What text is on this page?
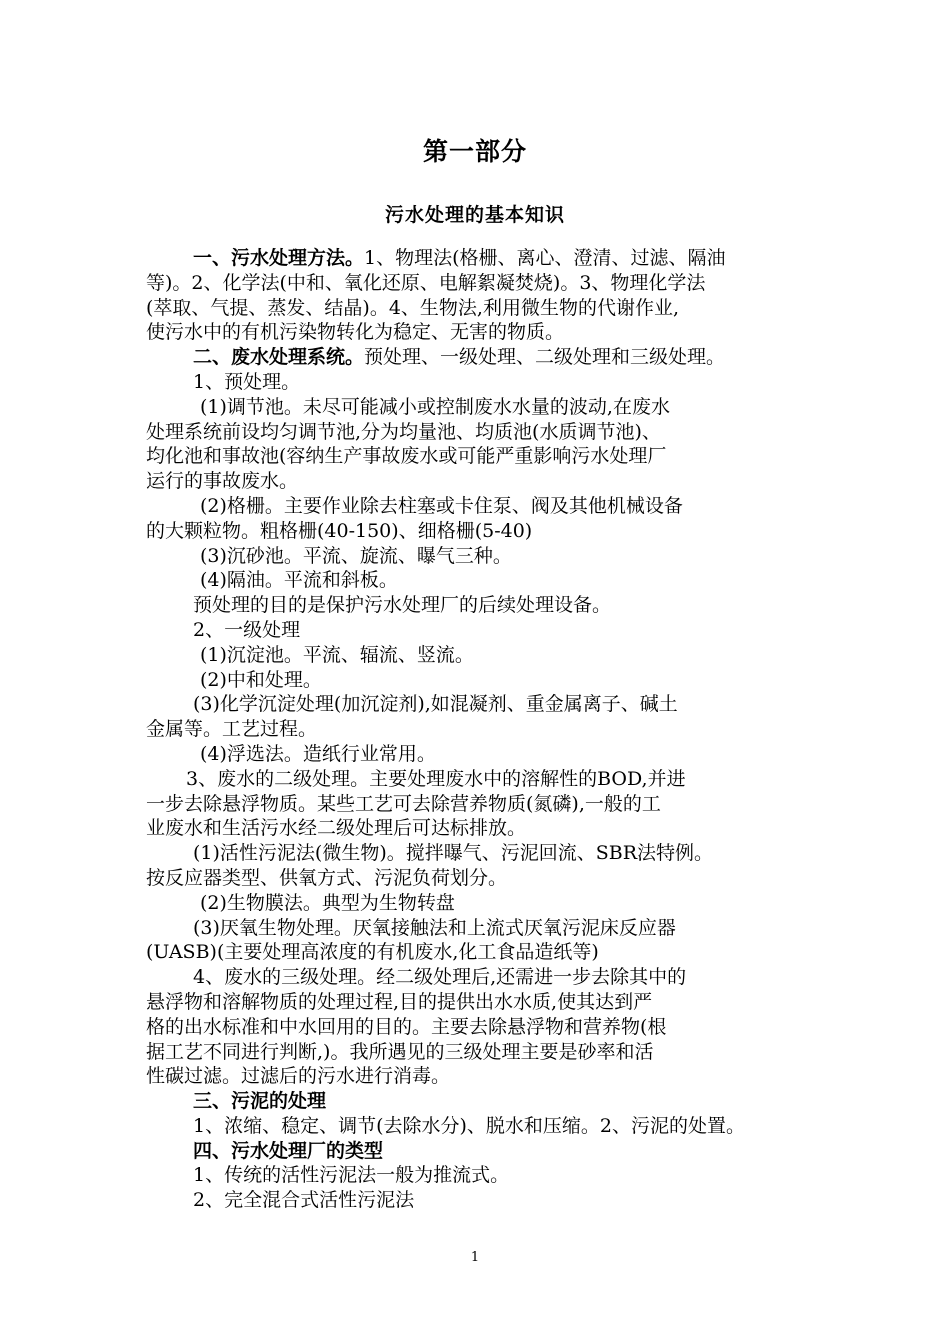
第一部分
污水处理的基本知识

一、污水处理方法。1、物理法(格栅、离心、澄清、过滤、隔油

等)。2、化学法(中和、氧化还原、电解絮凝焚烧)。3、物理化学法

(萃取、气提、蒸发、结晶)。4、生物法,利用微生物的代谢作业,

使污水中的有机污染物转化为稳定、无害的物质。

二、废水处理系统。预处理、一级处理、二级处理和三级处理。

1、预处理。

(1)调节池。未尽可能减小或控制废水水量的波动,在废水

处理系统前设均匀调节池,分为均量池、均质池(水质调节池)、

均化池和事故池(容纳生产事故废水或可能严重影响污水处理厂

运行的事故废水。

(2)格栅。主要作业除去柱塞或卡住泵、阀及其他机械设备

的大颗粒物。粗格栅(40-150)、细格栅(5-40)

(3)沉砂池。平流、旋流、曝气三种。

(4)隔油。平流和斜板。

预处理的目的是保护污水处理厂的后续处理设备。

2、一级处理

(1)沉淀池。平流、辐流、竖流。

(2)中和处理。

(3)化学沉淀处理(加沉淀剂),如混凝剂、重金属离子、碱土

金属等。工艺过程。

(4)浮选法。造纸行业常用。

3、废水的二级处理。主要处理废水中的溶解性的BOD,并进

一步去除悬浮物质。某些工艺可去除营养物质(氮磷),一般的工

业废水和生活污水经二级处理后可达标排放。

(1)活性污泥法(微生物)。搅拌曝气、污泥回流、SBR法特例。

按反应器类型、供氧方式、污泥负荷划分。

(2)生物膜法。典型为生物转盘

(3)厌氧生物处理。厌氧接触法和上流式厌氧污泥床反应器

(UASB)(主要处理高浓度的有机废水,化工食品造纸等)

4、废水的三级处理。经二级处理后,还需进一步去除其中的

悬浮物和溶解物质的处理过程,目的提供出水水质,使其达到严

格的出水标准和中水回用的目的。主要去除悬浮物和营养物(根

据工艺不同进行判断,)。我所遇见的三级处理主要是砂率和活

性碳过滤。过滤后的污水进行消毒。

三、污泥的处理

1、浓缩、稳定、调节(去除水分)、脱水和压缩。2、污泥的处置。

四、污水处理厂的类型

1、传统的活性污泥法一般为推流式。

2、完全混合式活性污泥法

1
